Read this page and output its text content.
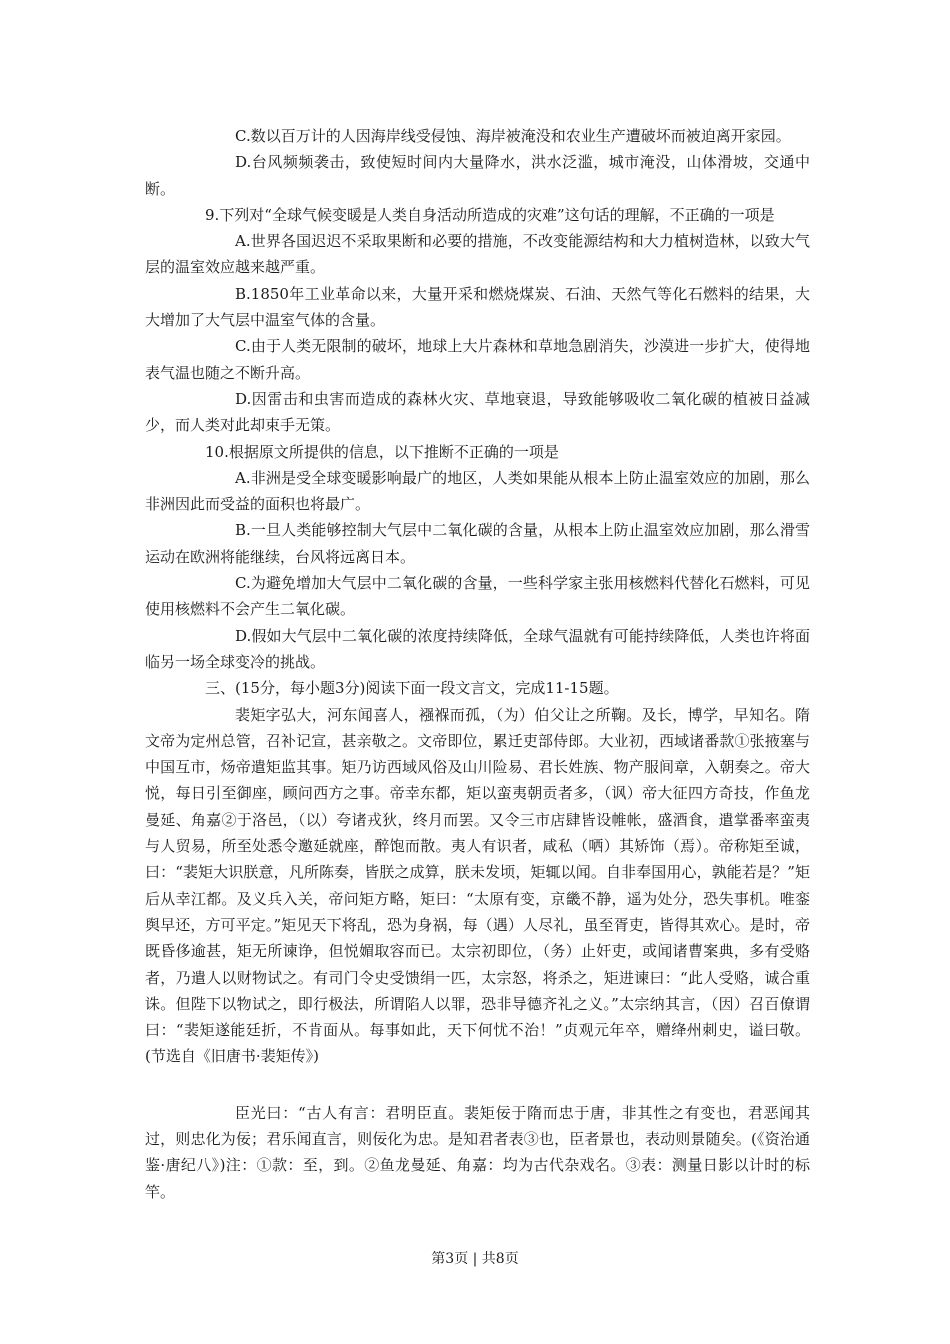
C.数以百万计的人因海岸线受侵蚀、海岸被淹没和农业生产遭破坏而被迫离开家园。

D.台风频频袭击，致使短时间内大量降水，洪水泛滥，城市淹没，山体滑坡，交通中断。

9.下列对“全球气候变暖是人类自身活动所造成的灾难”这句话的理解，不正确的一项是

A.世界各国迟迟不采取果断和必要的措施，不改变能源结构和大力植树造林，以致大气层的温室效应越来越严重。

B.1850年工业革命以来，大量开采和燃烧煤炭、石油、天然气等化石燃料的结果，大大增加了大气层中温室气体的含量。

C.由于人类无限制的破坏，地球上大片森林和草地急剧消失，沙漠进一步扩大，使得地表气温也随之不断升高。

D.因雷击和虫害而造成的森林火灾、草地衰退，导致能够吸收二氧化碳的植被日益减少，而人类对此却束手无策。

10.根据原文所提供的信息，以下推断不正确的一项是

A.非洲是受全球变暖影响最广的地区，人类如果能从根本上防止温室效应的加剧，那么非洲因此而受益的面积也将最广。

B.一旦人类能够控制大气层中二氧化碳的含量，从根本上防止温室效应加剧，那么滑雪运动在欧洲将能继续，台风将远离日本。

C.为避免增加大气层中二氧化碳的含量，一些科学家主张用核燃料代替化石燃料，可见使用核燃料不会产生二氧化碳。

D.假如大气层中二氧化碳的浓度持续降低，全球气温就有可能持续降低，人类也许将面临另一场全球变冷的挑战。

三、(15分，每小题3分)阅读下面一段文言文，完成11-15题。

裴矩字弘大，河东闻喜人，襁褓而孤，（为）伯父让之所鞠。及长，博学，早知名。隋文帝为定州总管，召补记宣，甚亲敬之。文帝即位，累迁吏部侍郎。大业初，西域诸番款①张掖塞与中国互市，炀帝遣矩监其事。矩乃访西域风俗及山川险易、君长姓族、物产服间章，入朝奏之。帝大悦，每日引至御座，顾问西方之事。帝幸东都，矩以蛮夷朝贡者多，（讽）帝大征四方奇技，作鱼龙曼延、角嘉②于洛邑，（以）夸诸戎狄，终月而罢。又令三市店肆皆设帷帐，盛酒食，遣掌番率蛮夷与人贸易，所至处悉令邀延就座，醉饱而散。夷人有识者，咸私（哂）其矫饰（焉）。帝称矩至诚，曰：“裴矩大识朕意，凡所陈奏，皆朕之成算，朕未发顷，矩辄以闻。自非奉国用心，孰能若是？”矩后从幸江都。及义兵入关，帝问矩方略，矩曰：“太原有变，京畿不静，遥为处分，恐失事机。唯銮舆早还，方可平定。”矩见天下将乱，恐为身祸，每（遇）人尽礼，虽至胥吏，皆得其欢心。是时，帝既昏侈逾甚，矩无所谏诤，但悦媚取容而已。太宗初即位，（务）止奸吏，或闻诸曹案典，多有受赂者，乃遣人以财物试之。有司门令史受馈绢一匹，太宗怒，将杀之，矩进谏曰：“此人受赂，诚合重诛。但陛下以物试之，即行极法，所谓陷人以罪，恐非导德齐礼之义。”太宗纳其言，（因）召百僚谓曰：“裴矩遂能廷折，不肯面从。每事如此，天下何忧不治！”贞观元年卒，赠绛州刺史，谥曰敬。(节选自《旧唐书·裴矩传》)

臣光曰：“古人有言：君明臣直。裴矩佞于隋而忠于唐，非其性之有变也，君恶闻其过，则忠化为佞；君乐闻直言，则佞化为忠。是知君者表③也，臣者景也，表动则景随矣。(《资治通鉴·唐纪八》)注：①款：至，到。②鱼龙曼延、角嘉：均为古代杂戏名。③表：测量日影以计时的标竿。

第3页 | 共8页
